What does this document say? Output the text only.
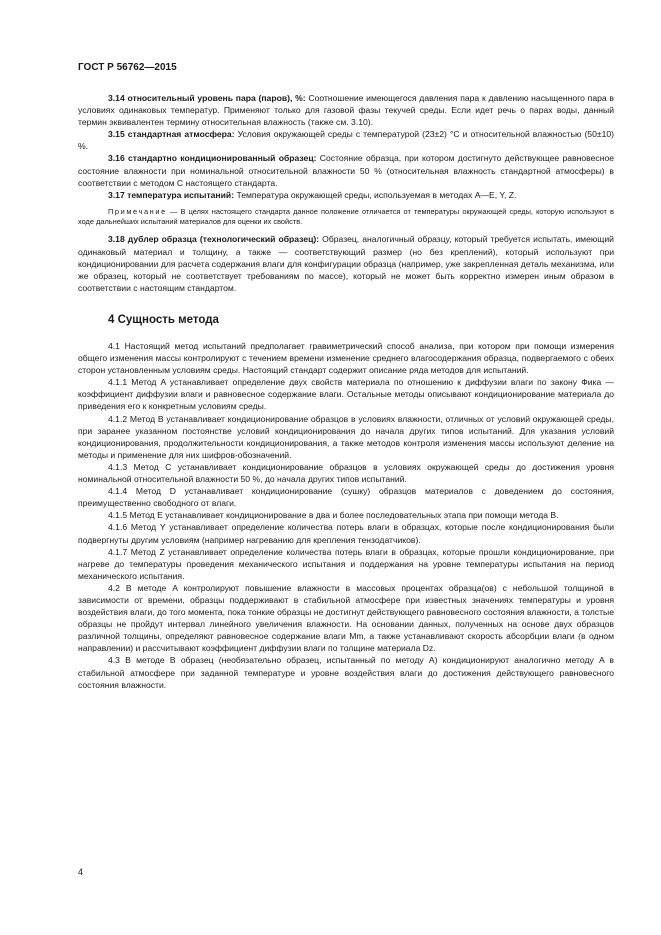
ГОСТ Р 56762—2015

3.14 относительный уровень пара (паров), %: Соотношение имеющегося давления пара к давлению насыщенного пара в условиях одинаковых температур. Применяют только для газовой фазы текучей среды. Если идет речь о парах воды, данный термин эквивалентен термину относительная влажность (также см. 3.10).

3.15 стандартная атмосфера: Условия окружающей среды с температурой (23±2) °С и относительной влажностью (50±10) %.

3.16 стандартно кондиционированный образец: Состояние образца, при котором достигнуто действующее равновесное состояние влажности при номинальной относительной влажности 50 % (относительная влажность стандартной атмосферы) в соответствии с методом С настоящего стандарта.

3.17 температура испытаний: Температура окружающей среды, используемая в методах A—E, Y, Z.

Примечание — В целях настоящего стандарта данное положение отличается от температуры окружающей среды, которую используют в ходе дальнейших испытаний материалов для оценки их свойств.

3.18 дублер образца (технологический образец): Образец, аналогичный образцу, который требуется испытать, имеющий одинаковый материал и толщину, а также — соответствующий размер (но без креплений), который используют при кондиционировании для расчета содержания влаги для конфигурации образца (например, уже закрепленная деталь механизма, или же образец, который не соответствует требованиям по массе), который не может быть корректно измерен иным образом в соответствии с настоящим стандартом.

4 Сущность метода

4.1 Настоящий метод испытаний предполагает гравиметрический способ анализа, при котором при помощи измерения общего изменения массы контролируют с течением времени изменение среднего влагосодержания образца, подвергаемого с обеих сторон установленным условиям среды. Настоящий стандарт содержит описание ряда методов для испытаний.

4.1.1 Метод A устанавливает определение двух свойств материала по отношению к диффузии влаги по закону Фика — коэффициент диффузии влаги и равновесное содержание влаги. Остальные методы описывают кондиционирование материала до приведения его к конкретным условиям среды.

4.1.2 Метод B устанавливает кондиционирование образцов в условиях влажности, отличных от условий окружающей среды, при заранее указанном постоянстве условий кондиционирования до начала других типов испытаний. Для указания условий кондиционирования, продолжительности кондиционирования, а также методов контроля изменения массы используют деление на методы и применение для них шифров-обозначений.

4.1.3 Метод C устанавливает кондиционирование образцов в условиях окружающей среды до достижения уровня номинальной относительной влажности 50 %, до начала других типов испытаний.

4.1.4 Метод D устанавливает кондиционирование (сушку) образцов материалов с доведением до состояния, преимущественно свободного от влаги.

4.1.5 Метод E устанавливает кондиционирование в два и более последовательных этапа при помощи метода B.

4.1.6 Метод Y устанавливает определение количества потерь влаги в образцах, которые после кондиционирования были подвергнуты другим условиям (например нагреванию для крепления тензодатчиков).

4.1.7 Метод Z устанавливает определение количества потерь влаги в образцах, которые прошли кондиционирование, при нагреве до температуры проведения механического испытания и поддержания на уровне температуры испытания на период механического испытания.

4.2 В методе A контролируют повышение влажности в массовых процентах образца(ов) с небольшой толщиной в зависимости от времени, образцы поддерживают в стабильной атмосфере при известных значениях температуры и уровня воздействия влаги, до того момента, пока тонкие образцы не достигнут действующего равновесного состояния влажности, а толстые образцы не пройдут интервал линейного увеличения влажности. На основании данных, полученных на основе двух образцов различной толщины, определяют равновесное содержание влаги Mm, а также устанавливают скорость абсорбции влаги (в одном направлении) и рассчитывают коэффициент диффузии влаги по толщине материала Dz.

4.3 В методе B образец (необязательно образец, испытанный по методу A) кондиционируют аналогично методу A в стабильной атмосфере при заданной температуре и уровне воздействия влаги до достижения действующего равновесного состояния влажности.

4
